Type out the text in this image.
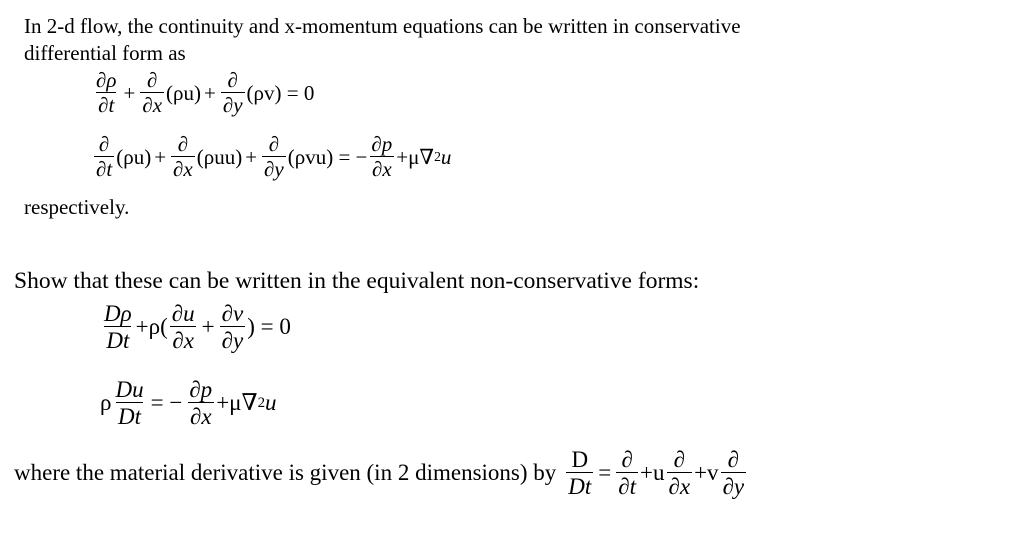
In 2-d flow, the continuity and x-momentum equations can be written in conservative
differential form as
$\frac{\partial\rho}{\partial t} + \frac{\partial}{\partial x} (\rho u) + \frac{\partial}{\partial y} (\rho v) = 0$
$\frac{\partial}{\partial t} (\rho u) + \frac{\partial}{\partial x} (\rho uu) + \frac{\partial}{\partial y} (\rho vu)$ = − $\frac{\partial p}{\partial x} +\mu\nabla$ 2 u
respectively.
Show that these can be written in the equivalent non-conservative forms:
$\frac{D\rho}{Dt} +\rho( \frac{\partial u}{\partial x} + \frac{\partial v}{\partial y}$ ) = 0
ρ $\frac{Du}{Dt}$ = − $\frac{\partial p}{\partial x} +\mu\nabla$ 2 u
where the material derivative is given (in 2 dimensions) by $\frac{D}{Dt} = \frac{\partial}{\partial t} +u \frac{\partial}{\partial x} +v \frac{\partial}{\partial y}$
